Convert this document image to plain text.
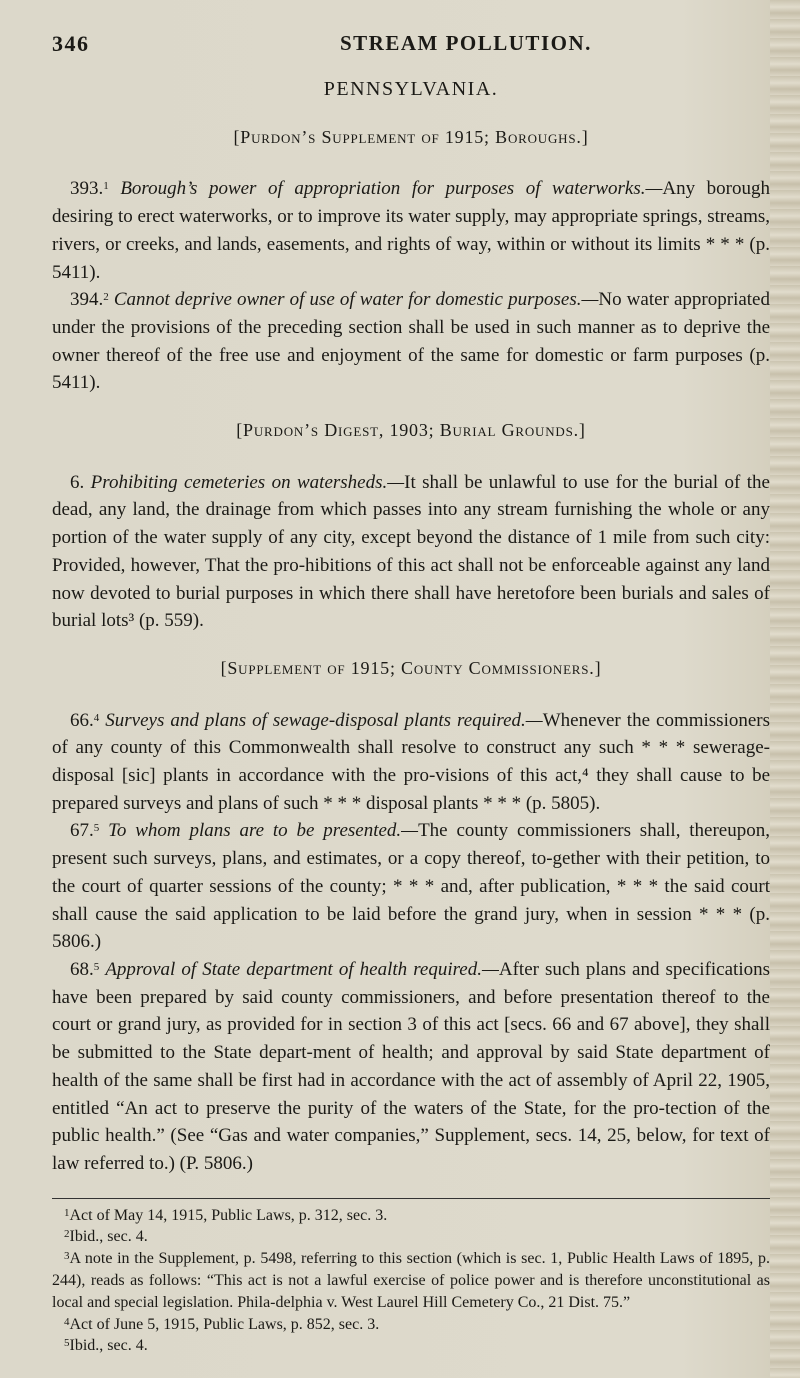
346	STREAM POLLUTION.
PENNSYLVANIA.
[Purdon’s Supplement of 1915; Boroughs.]

393.$^1$ Borough’s power of appropriation for purposes of waterworks.—Any borough desiring to erect waterworks, or to improve its water supply, may appropriate springs, streams, rivers, or creeks, and lands, easements, and rights of way, within or without its limits * * * (p. 5411).

394.$^2$ Cannot deprive owner of use of water for domestic purposes.—No water appropriated under the provisions of the preceding section shall be used in such manner as to deprive the owner thereof of the free use and enjoyment of the same for domestic or farm purposes (p. 5411).

[Purdon’s Digest, 1903; Burial Grounds.]

6. Prohibiting cemeteries on watersheds.—It shall be unlawful to use for the burial of the dead, any land, the drainage from which passes into any stream furnishing the whole or any portion of the water supply of any city, except beyond the distance of 1 mile from such city: Provided, however, That the pro-hibitions of this act shall not be enforceable against any land now devoted to burial purposes in which there shall have heretofore been burials and sales of burial lots³ (p. 559).

[Supplement of 1915; County Commissioners.]

66.$^4$ Surveys and plans of sewage-disposal plants required.—Whenever the commissioners of any county of this Commonwealth shall resolve to construct any such * * * sewerage-disposal [sic] plants in accordance with the pro-visions of this act,⁴ they shall cause to be prepared surveys and plans of such * * * disposal plants * * * (p. 5805).

67.$^5$ To whom plans are to be presented.—The county commissioners shall, thereupon, present such surveys, plans, and estimates, or a copy thereof, to-gether with their petition, to the court of quarter sessions of the county; * * * and, after publication, * * * the said court shall cause the said application to be laid before the grand jury, when in session * * * (p. 5806.)

68.$^5$ Approval of State department of health required.—After such plans and specifications have been prepared by said county commissioners, and before presentation thereof to the court or grand jury, as provided for in section 3 of this act [secs. 66 and 67 above], they shall be submitted to the State depart-ment of health; and approval by said State department of health of the same shall be first had in accordance with the act of assembly of April 22, 1905, entitled “An act to preserve the purity of the waters of the State, for the pro-tection of the public health.” (See “Gas and water companies,” Supplement, secs. 14, 25, below, for text of law referred to.) (P. 5806.)

$^1$Act of May 14, 1915, Public Laws, p. 312, sec. 3.

$^2$Ibid., sec. 4.

$^3$A note in the Supplement, p. 5498, referring to this section (which is sec. 1, Public Health Laws of 1895, p. 244), reads as follows: “This act is not a lawful exercise of police power and is therefore unconstitutional as local and special legislation. Phila-delphia v. West Laurel Hill Cemetery Co., 21 Dist. 75.”

$^4$Act of June 5, 1915, Public Laws, p. 852, sec. 3.

$^5$Ibid., sec. 4.
